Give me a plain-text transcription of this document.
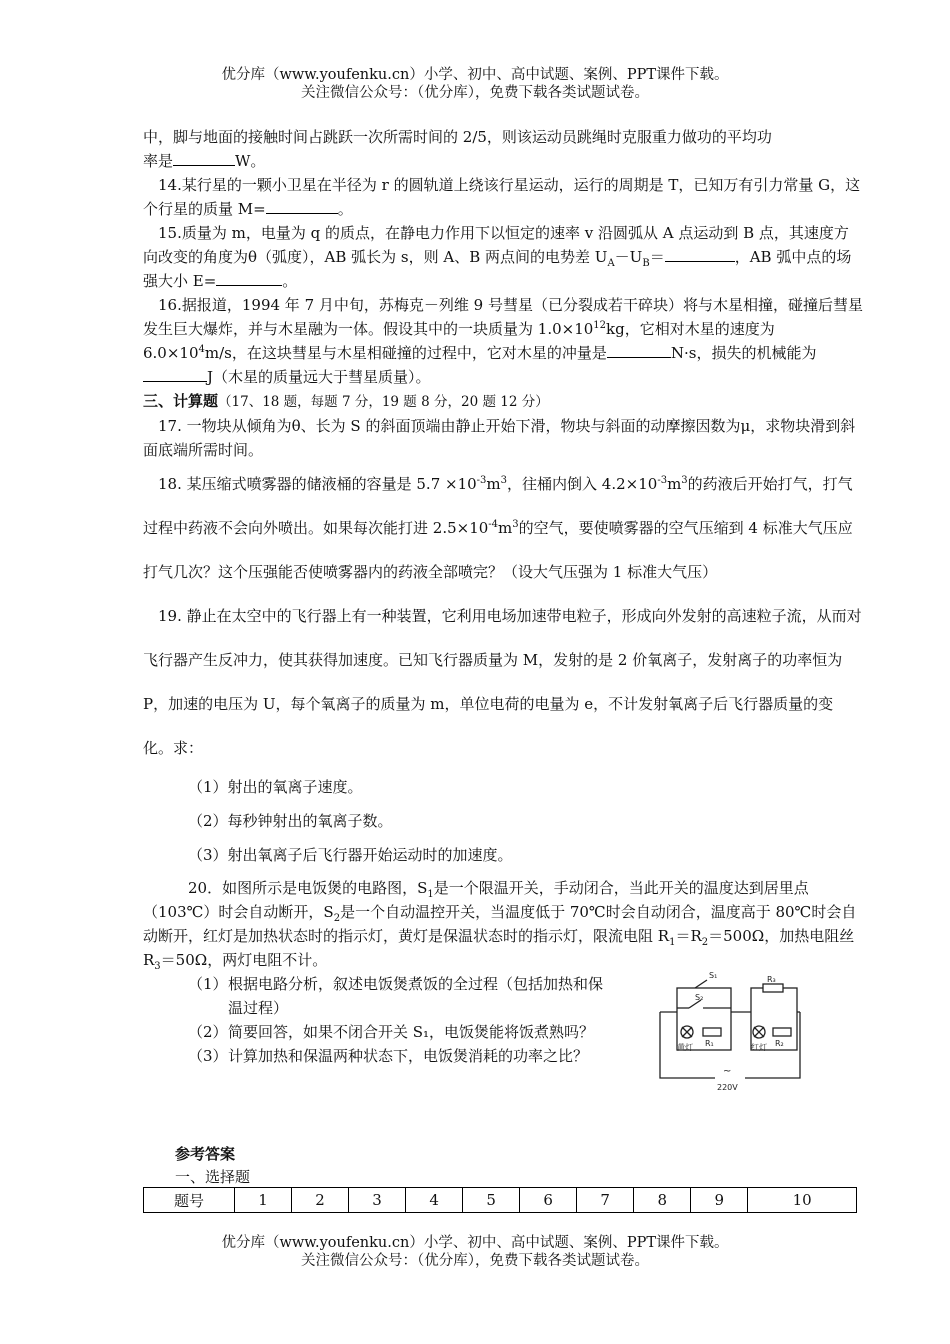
优分库（www.youfenku.cn）小学、初中、高中试题、案例、PPT课件下载。
关注微信公众号：（优分库），免费下载各类试题试卷。

中，脚与地面的接触时间占跳跃一次所需时间的 2/5，则该运动员跳绳时克服重力做功的平均功
率是	W。

14.某行星的一颗小卫星在半径为 r 的圆轨道上绕该行星运动，运行的周期是 T，已知万有引力常量 G，这个行星的质量 M=	。

15.质量为 m，电量为 q 的质点，在静电力作用下以恒定的速率 v 沿圆弧从 A 点运动到 B 点，其速度方向改变的角度为θ（弧度），AB 弧长为 s，则 A、B 两点间的电势差 $U_A-U_B=$	，AB 弧中点的场强大小 E=	。

16.据报道，1994 年 7 月中旬，苏梅克－列维 9 号彗星（已分裂成若干碎块）将与木星相撞，碰撞后彗星发生巨大爆炸，并与木星融为一体。假设其中的一块质量为 $1.0\times 10^{12}kg$，它相对木星的速度为 $6.0\times 10^4m/s$，在这块彗星与木星相碰撞的过程中，它对木星的冲量是	N·s，损失的机械能为J（木星的质量远大于彗星质量）。

三、计算题（17、18 题，每题 7 分，19 题 8 分，20 题 12 分）

17. 一物块从倾角为θ、长为 S 的斜面顶端由静止开始下滑，物块与斜面的动摩擦因数为μ，求物块滑到斜面底端所需时间。

18. 某压缩式喷雾器的储液桶的容量是 $5.7 \times 10^{-3}m^3$，往桶内倒入 $4.2\times 10^{-3}m^3$的药液后开始打气，打气过程中药液不会向外喷出。如果每次能打进 $2.5\times 10^{-4}m^3$的空气，要使喷雾器的空气压缩到 4 标准大气压应打气几次？这个压强能否使喷雾器内的药液全部喷完？（设大气压强为 1 标准大气压）

19. 静止在太空中的飞行器上有一种装置，它利用电场加速带电粒子，形成向外发射的高速粒子流，从而对飞行器产生反冲力，使其获得加速度。已知飞行器质量为 M，发射的是 2 价氧离子，发射离子的功率恒为 P，加速的电压为 U，每个氧离子的质量为 m，单位电荷的电量为 e，不计发射氧离子后飞行器质量的变化。求：

（1）射出的氧离子速度。
（2）每秒钟射出的氧离子数。
（3）射出氧离子后飞行器开始运动时的加速度。

20．如图所示是电饭煲的电路图，$S_1$是一个限温开关，手动闭合，当此开关的温度达到居里点（103℃）时会自动断开，$S_2$是一个自动温控开关，当温度低于 70℃时会自动闭合，温度高于 80℃时会自动断开，红灯是加热状态时的指示灯，黄灯是保温状态时的指示灯，限流电阻 $R_1=R_2=500\Omega$，加热电阻丝 $R_3=50\Omega$，两灯电阻不计。

（1） 根据电路分析，叙述电饭煲煮饭的全过程（包括加热和保温过程）
（2） 简要回答，如果不闭合开关 S₁，电饭煲能将饭煮熟吗？
（3） 计算加热和保温两种状态下，电饭煲消耗的功率之比？
S₁
S₂
R₃
R₁	R₂
黄灯	红灯
220V
~
参考答案
一、选择题
题号	1	2	3	4	5	6	7	8	9	10
优分库（www.youfenku.cn）小学、初中、高中试题、案例、PPT课件下载。
关注微信公众号：（优分库），免费下载各类试题试卷。
